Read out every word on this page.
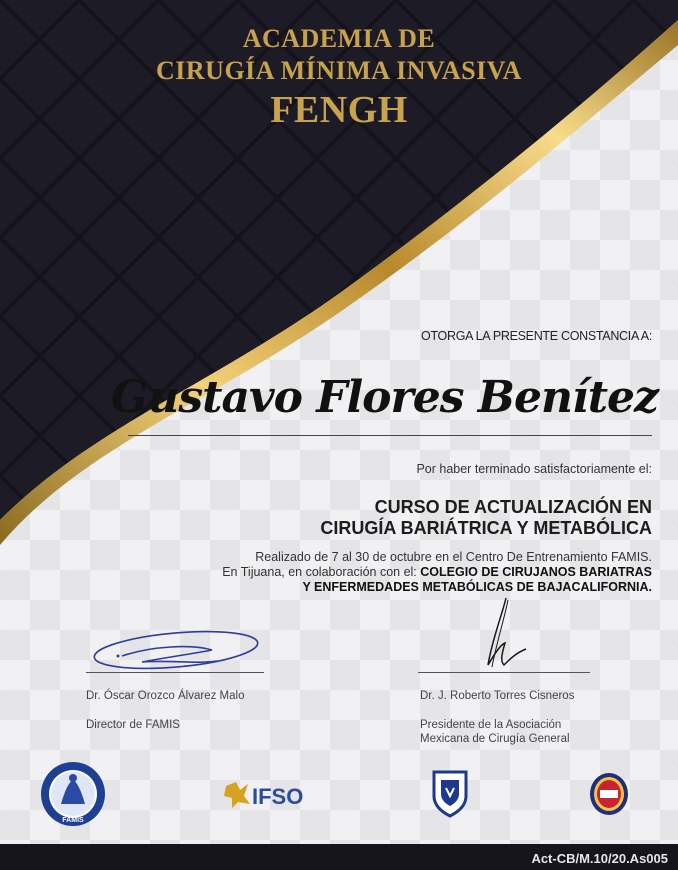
ACADEMIA DE
CIRUGÍA MÍNIMA INVASIVA
FENGH
OTORGA LA PRESENTE CONSTANCIA A:
Gustavo Flores Benítez
Por haber terminado satisfactoriamente el:
CURSO DE ACTUALIZACIÓN EN
CIRUGÍA BARIÁTRICA Y METABÓLICA
Realizado de 7 al 30 de octubre en el Centro De Entrenamiento FAMIS.
En Tijuana, en colaboración con el: COLEGIO DE CIRUJANOS BARIATRAS
Y ENFERMEDADES METABÓLICAS DE BAJACALIFORNIA.
Dr. Óscar Orozco Álvarez Malo
Director de FAMIS
Dr. J. Roberto Torres Cisneros
Presidente de la Asociación
Mexicana de Cirugía General
FAMIS
IFSO
Act-CB/M.10/20.As005
